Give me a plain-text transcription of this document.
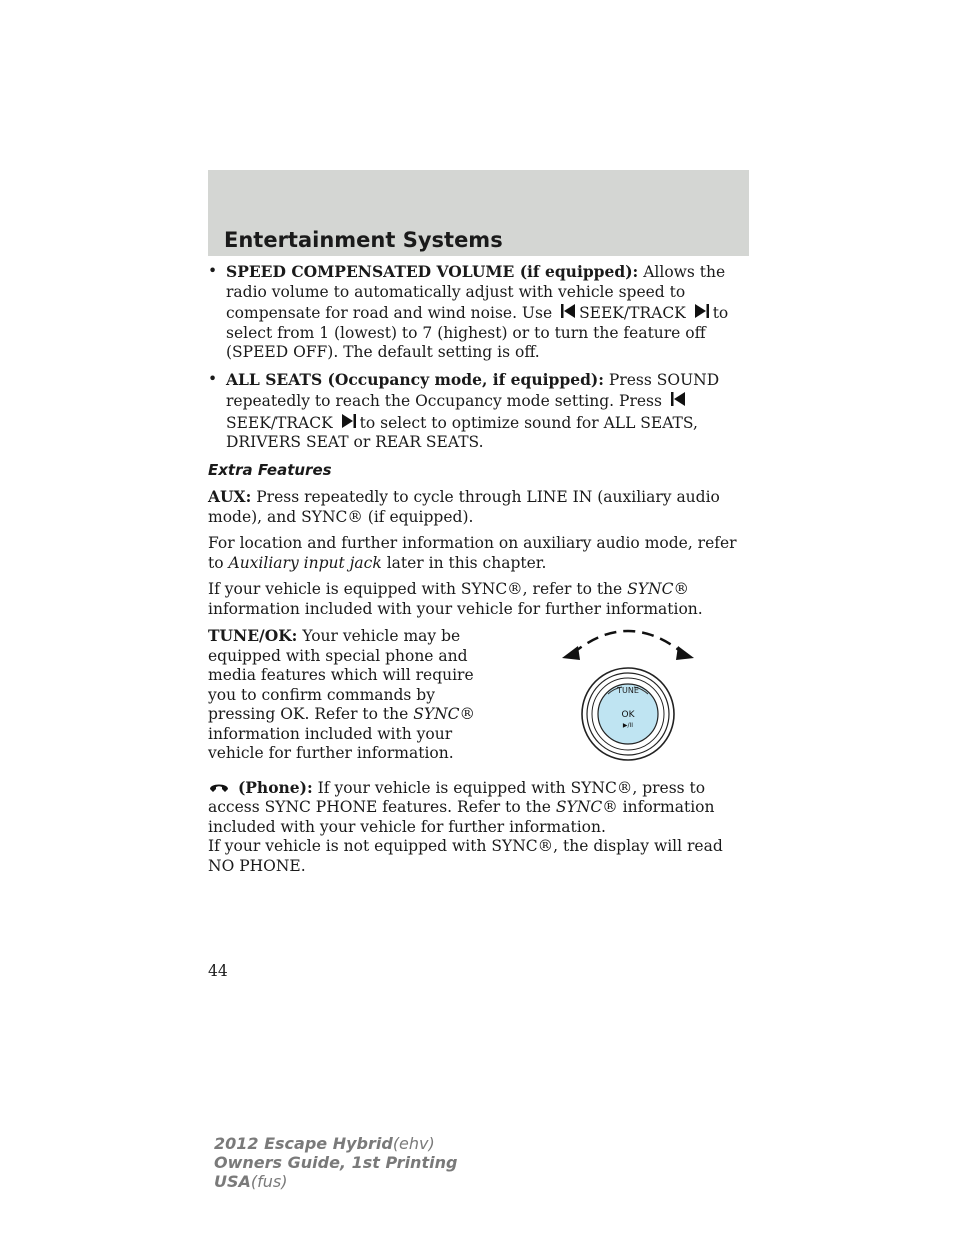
Entertainment Systems
• SPEED COMPENSATED VOLUME (if equipped): Allows the radio volume to automatically adjust with vehicle speed to compensate for road and wind noise. Use SEEK/TRACK to select from 1 (lowest) to 7 (highest) or to turn the feature off (SPEED OFF). The default setting is off.
• ALL SEATS (Occupancy mode, if equipped): Press SOUND repeatedly to reach the Occupancy mode setting. Press SEEK/TRACK to select to optimize sound for ALL SEATS, DRIVERS SEAT or REAR SEATS.
Extra Features

AUX: Press repeatedly to cycle through LINE IN (auxiliary audio mode), and SYNC® (if equipped).

For location and further information on auxiliary audio mode, refer to Auxiliary input jack later in this chapter.

If your vehicle is equipped with SYNC®, refer to the SYNC® information included with your vehicle for further information.

TUNE/OK: Your vehicle may be equipped with special phone and media features which will require you to confirm commands by pressing OK. Refer to the SYNC® information included with your vehicle for further information.
TUNE
OK
▶/II

(Phone): If your vehicle is equipped with SYNC®, press to access SYNC PHONE features. Refer to the SYNC® information included with your vehicle for further information.

If your vehicle is not equipped with SYNC®, the display will read NO PHONE.

44
2012 Escape Hybrid(ehv)
Owners Guide, 1st Printing
USA(fus)
